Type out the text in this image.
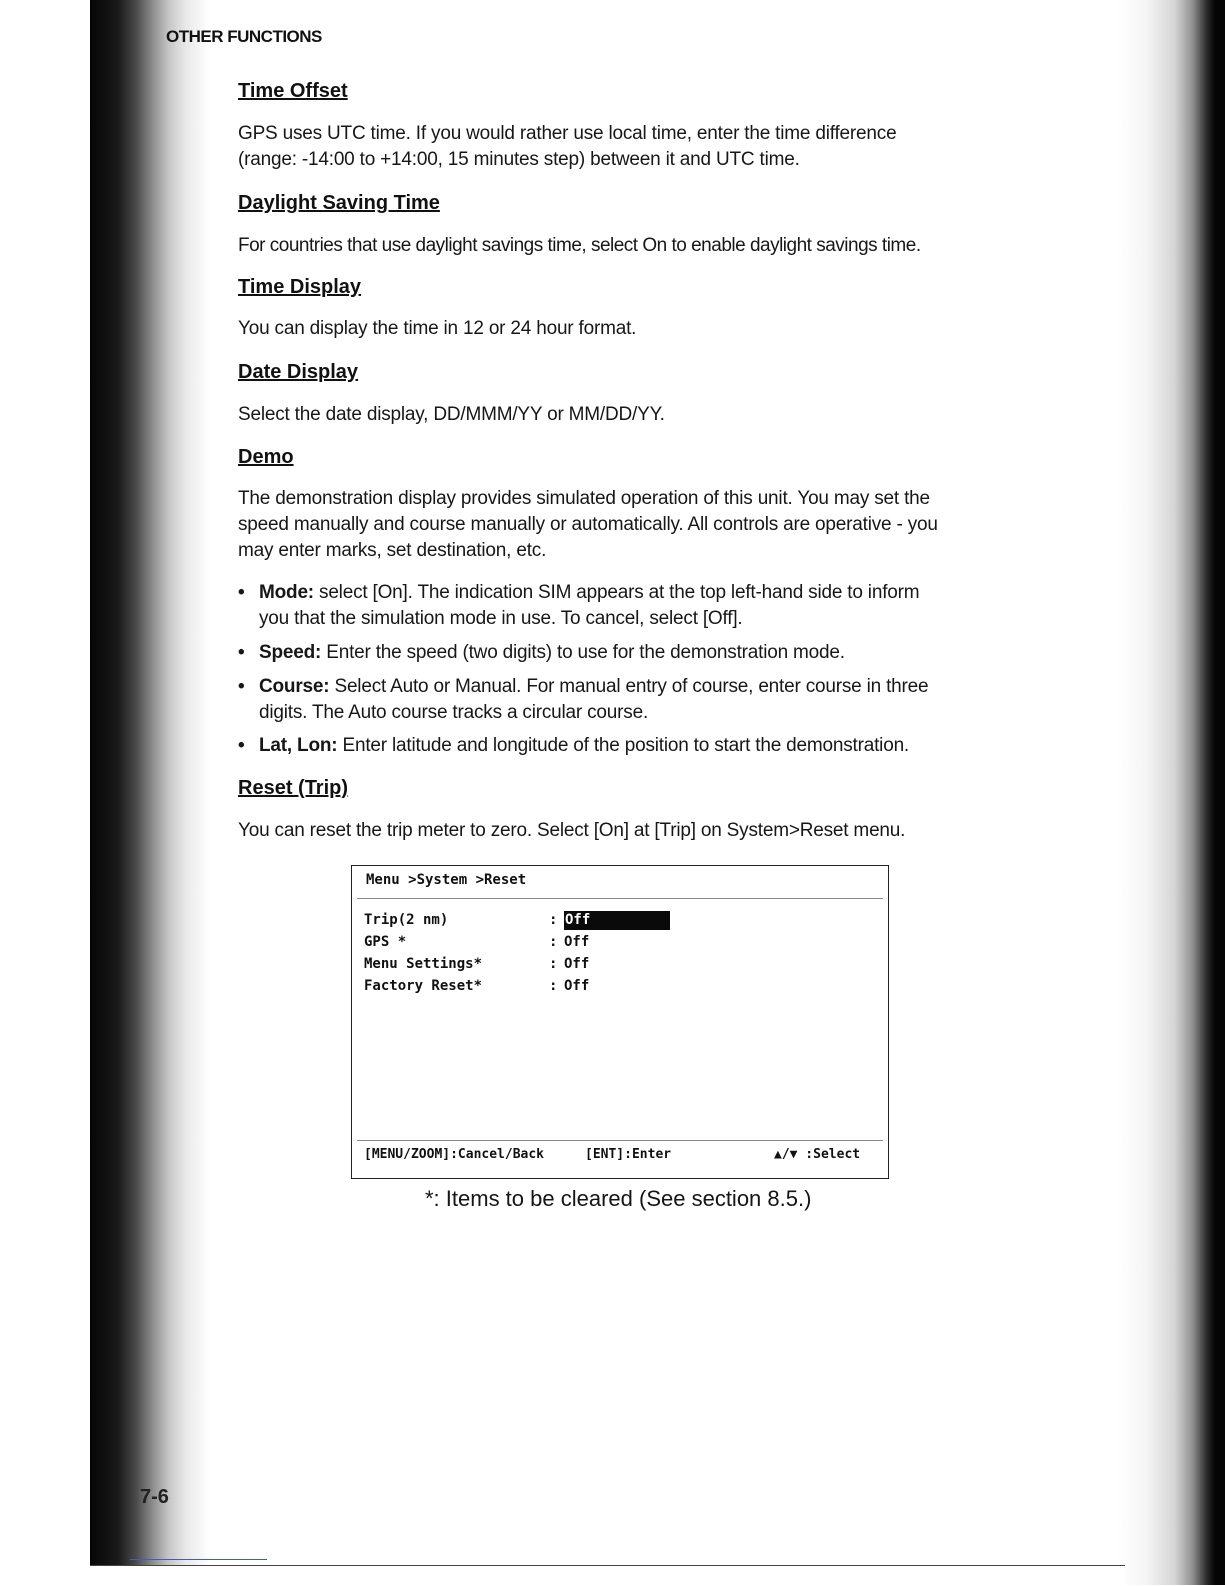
OTHER FUNCTIONS
Time Offset
GPS uses UTC time. If you would rather use local time, enter the time difference
(range: -14:00 to +14:00, 15 minutes step) between it and UTC time.
Daylight Saving Time
For countries that use daylight savings time, select On to enable daylight savings time.
Time Display
You can display the time in 12 or 24 hour format.
Date Display
Select the date display, DD/MMM/YY or MM/DD/YY.
Demo
The demonstration display provides simulated operation of this unit. You may set the
speed manually and course manually or automatically. All controls are operative - you
may enter marks, set destination, etc.
• Mode: select [On]. The indication SIM appears at the top left-hand side to inform
you that the simulation mode in use. To cancel, select [Off].
• Speed: Enter the speed (two digits) to use for the demonstration mode.
• Course: Select Auto or Manual. For manual entry of course, enter course in three
digits. The Auto course tracks a circular course.
• Lat, Lon: Enter latitude and longitude of the position to start the demonstration.
Reset (Trip)
You can reset the trip meter to zero. Select [On] at [Trip] on System>Reset menu.
Menu >System >Reset
Trip(2 nm)	: Off
GPS *	: Off
Menu Settings*	: Off
Factory Reset*	: Off
[MENU/ZOOM]:Cancel/Back	[ENT]:Enter	▲/▼ :Select
*: Items to be cleared (See section 8.5.)
7-6
